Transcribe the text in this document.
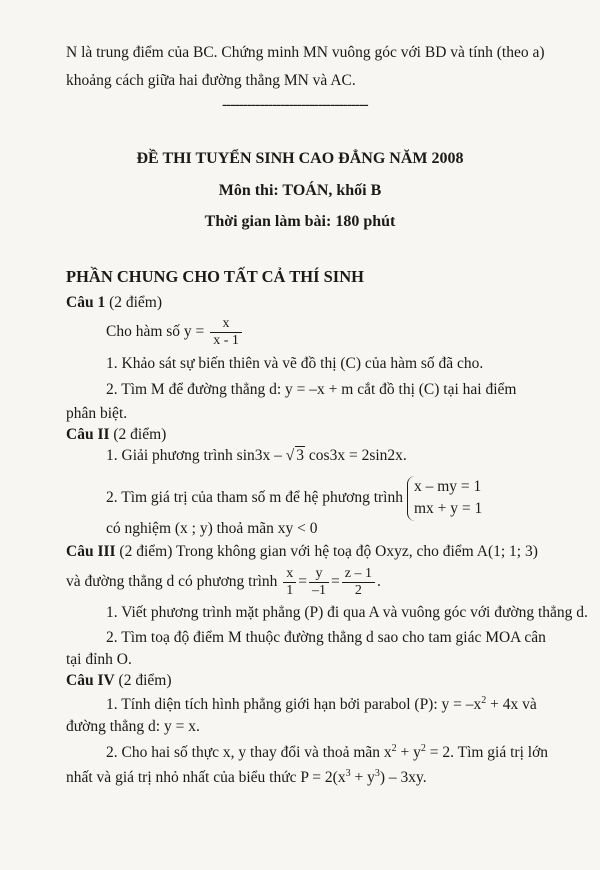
N là trung điểm của BC. Chứng minh MN vuông góc với BD và tính (theo a)
khoảng cách giữa hai đường thẳng MN và AC.
-----------------------------------
ĐỀ THI TUYỂN SINH CAO ĐẲNG NĂM 2008
Môn thi: TOÁN, khối B
Thời gian làm bài: 180 phút
PHẦN CHUNG CHO TẤT CẢ THÍ SINH
Câu 1 (2 điểm)
Cho hàm số $y = \frac{x}{x - 1}$
1. Khảo sát sự biến thiên và vẽ đồ thị (C) của hàm số đã cho.
2. Tìm M để đường thẳng d: y = –x + m cắt đồ thị (C) tại hai điểm
phân biệt.
Câu II (2 điểm)
1. Giải phương trình sin3x – √ 3 cos3x = 2sin2x.
2. Tìm giá trị của tham số m để hệ phương trình
x – my = 1
mx + y = 1
có nghiệm (x ; y) thoả mãn xy < 0
Câu III (2 điểm) Trong không gian với hệ toạ độ Oxyz, cho điểm A(1; 1; 3)
và đường thẳng d có phương trình $\frac{x}{1} = \frac{y}{-1} = \frac{z - 1}{2}$ .
1. Viết phương trình mặt phẳng (P) đi qua A và vuông góc với đường thẳng d.
2. Tìm toạ độ điểm M thuộc đường thẳng d sao cho tam giác MOA cân
tại đỉnh O.
Câu IV (2 điểm)
1. Tính diện tích hình phẳng giới hạn bởi parabol (P): $y = -x^2 + 4x$ và
đường thẳng d: y = x.
2. Cho hai số thực x, y thay đổi và thoả mãn $x^2 + y^2 = 2$. Tìm giá trị lớn
nhất và giá trị nhỏ nhất của biểu thức $P = 2(x^3 + y^3) - 3xy$.
